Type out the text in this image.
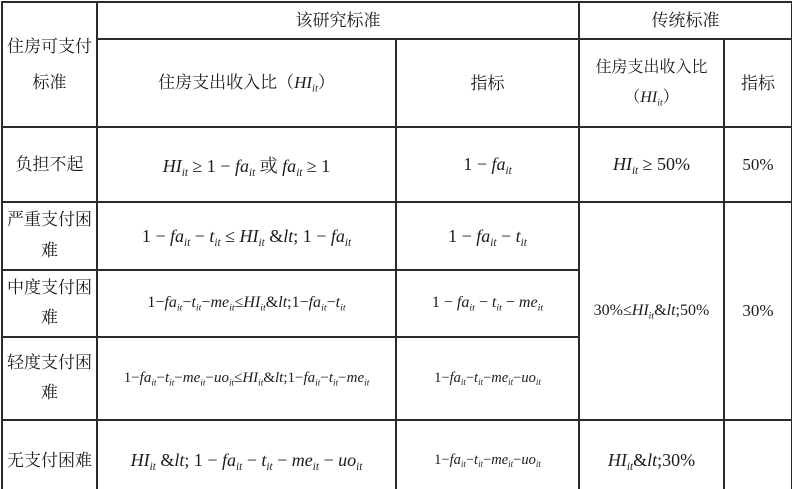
住房可支付标准	该研究标准		传统标准	
	住房支出收入比$(HI_{it})$	指标	住房支出收入比$(HI_{it})$	指标
负担不起	$HI_{it} \ge 1 - fa_{it}$ 或 $fa_{it} \ge 1$	$1 - fa_{it}$	$HI_{it} \ge 50\%$	50%
严重支付困难	$1 - fa_{it} - t_{it} \le HI_{it}$ &lt; $1 - fa_{it}$	$1 - fa_{it} - t_{it}$	$30\%\le HI_{it}\&lt;50\%$	30%
中度支付困难	$1-fa_{it}-t_{it}-me_{it}\le HI_{it}\&lt;1-fa_{it}-t_{it}$	$1 - fa_{it} - t_{it} - me_{it}$
轻度支付困难	$1-fa_{it}-t_{it}-me_{it}-uo_{it}\le HI_{it}\&lt;1-fa_{it}-t_{it}-me_{it}$	$1-fa_{it}-t_{it}-me_{it}-uo_{it}$
无支付困难	$HI_{it}$ &lt; $1 - fa_{it} - t_{it} - me_{it} - uo_{it}$	$1-fa_{it}-t_{it}-me_{it}-uo_{it}$	$HI_{it}\&lt;30\%$	
